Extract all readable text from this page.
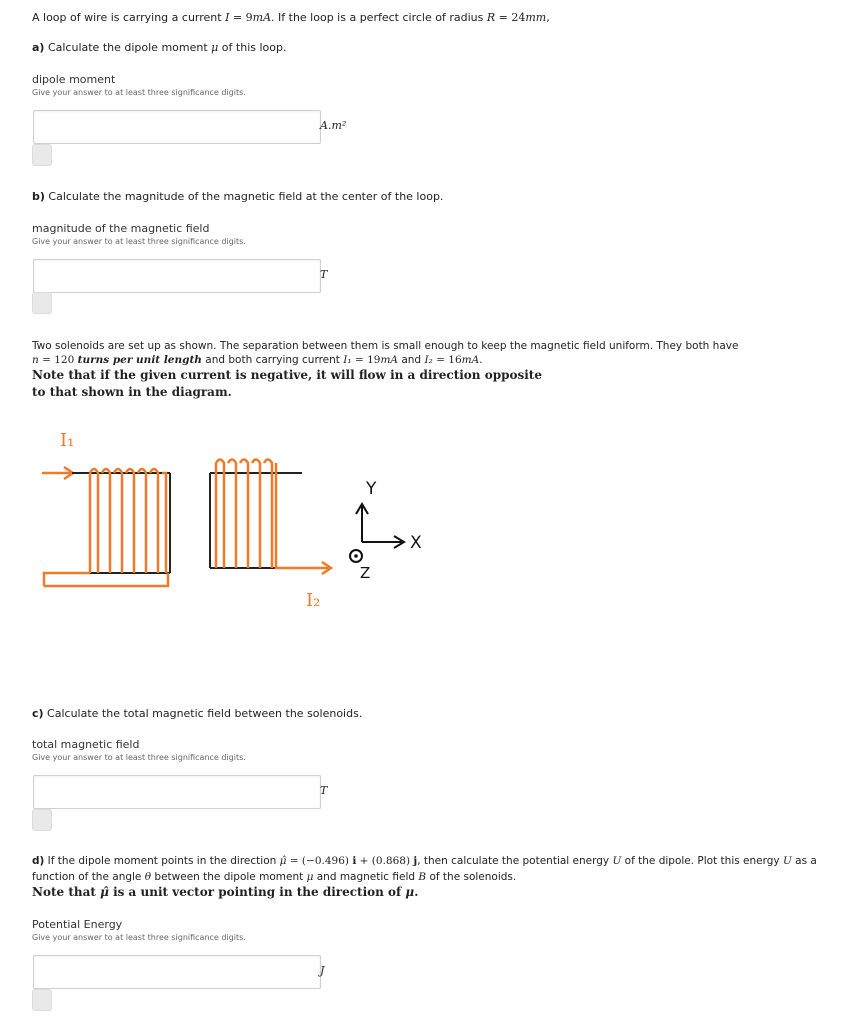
A loop of wire is carrying a current I = 9mA. If the loop is a perfect circle of radius R = 24mm,
a) Calculate the dipole moment μ of this loop.
dipole moment
Give your answer to at least three significance digits.
A.m²
b) Calculate the magnitude of the magnetic field at the center of the loop.
magnitude of the magnetic field
Give your answer to at least three significance digits.
T
Two solenoids are set up as shown. The separation between them is small enough to keep the magnetic field uniform. They both have
n = 120 turns per unit length and both carrying current I₁ = 19mA and I₂ = 16mA.
Note that if the given current is negative, it will flow in a direction opposite
to that shown in the diagram.
I₁
I₂
Y
X
Z
c) Calculate the total magnetic field between the solenoids.
total magnetic field
Give your answer to at least three significance digits.
T
d) If the dipole moment points in the direction μ̂ = (−0.496) i + (0.868) j, then calculate the potential energy U of the dipole. Plot this energy U as a
function of the angle θ between the dipole moment μ and magnetic field B of the solenoids.
Note that μ̂ is a unit vector pointing in the direction of μ.
Potential Energy
Give your answer to at least three significance digits.
J
